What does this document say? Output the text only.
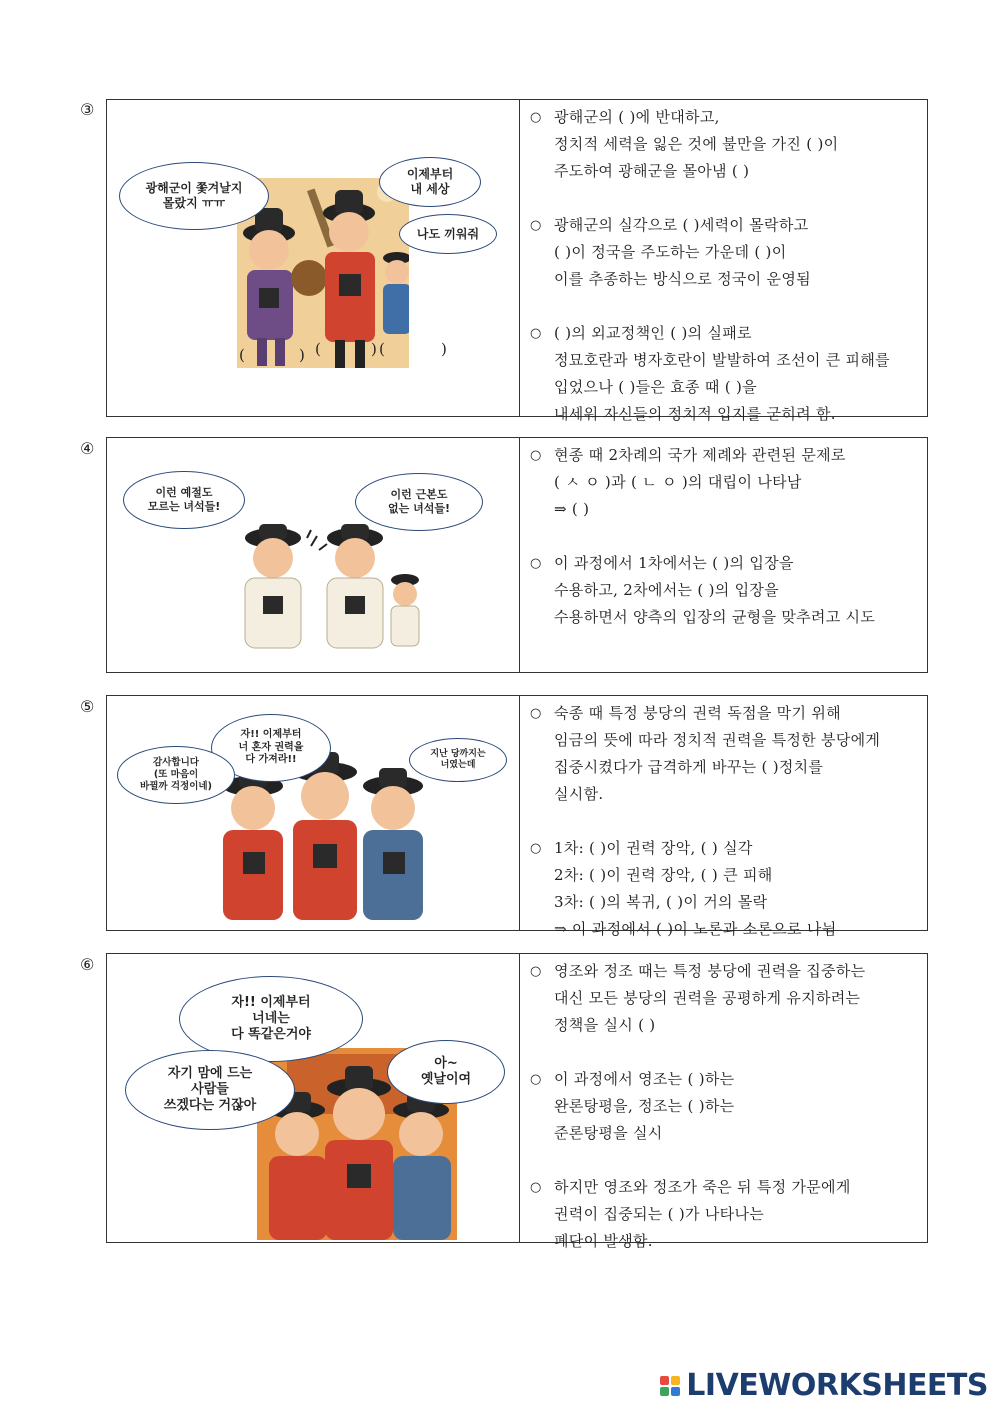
③
광해군이 쫓겨날지
몰랐지 ㅠㅠ
이제부터
내 세상
나도 끼워줘
(	) (	) (	)
○ 광해군의 ( )에 반대하고,
정치적 세력을 잃은 것에 불만을 가진 ( )이
주도하여 광해군을 몰아냄 ( )
○ 광해군의 실각으로 ( )세력이 몰락하고
( )이 정국을 주도하는 가운데 ( )이
이를 추종하는 방식으로 정국이 운영됨
○ ( )의 외교정책인 ( )의 실패로
정묘호란과 병자호란이 발발하여 조선이 큰 피해를
입었으나 ( )들은 효종 때 ( )을
내세워 자신들의 정치적 입지를 굳히려 함.
④
이런 예절도
모르는 녀석들!
이런 근본도
없는 녀석들!
○ 현종 때 2차례의 국가 제례와 관련된 문제로
( ㅅ ㅇ )과 ( ㄴ ㅇ )의 대립이 나타남
⇒ ( )
○ 이 과정에서 1차에서는 ( )의 입장을
수용하고, 2차에서는 ( )의 입장을
수용하면서 양측의 입장의 균형을 맞추려고 시도
⑤
자!! 이제부터
너 혼자 권력을
다 가져라!!
감사합니다
(또 마음이
바뀔까 걱정이네)
지난 당까지는
너였는데
○ 숙종 때 특정 붕당의 권력 독점을 막기 위해
임금의 뜻에 따라 정치적 권력을 특정한 붕당에게
집중시켰다가 급격하게 바꾸는 ( )정치를
실시함.
○ 1차: ( )이 권력 장악, ( ) 실각
2차: ( )이 권력 장악, ( ) 큰 피해
3차: ( )의 복귀, ( )이 거의 몰락
⇒ 이 과정에서 ( )이 노론과 소론으로 나뉨
⑥
자!! 이제부터
너네는
다 똑같은거야
자기 맘에 드는
사람들
쓰겠다는 거잖아
아~
옛날이여
○ 영조와 정조 때는 특정 붕당에 권력을 집중하는
대신 모든 붕당의 권력을 공평하게 유지하려는
정책을 실시 ( )
○ 이 과정에서 영조는 ( )하는
완론탕평을, 정조는 ( )하는
준론탕평을 실시
○ 하지만 영조와 정조가 죽은 뒤 특정 가문에게
권력이 집중되는 ( )가 나타나는
폐단이 발생함.
LIVEWORKSHEETS
